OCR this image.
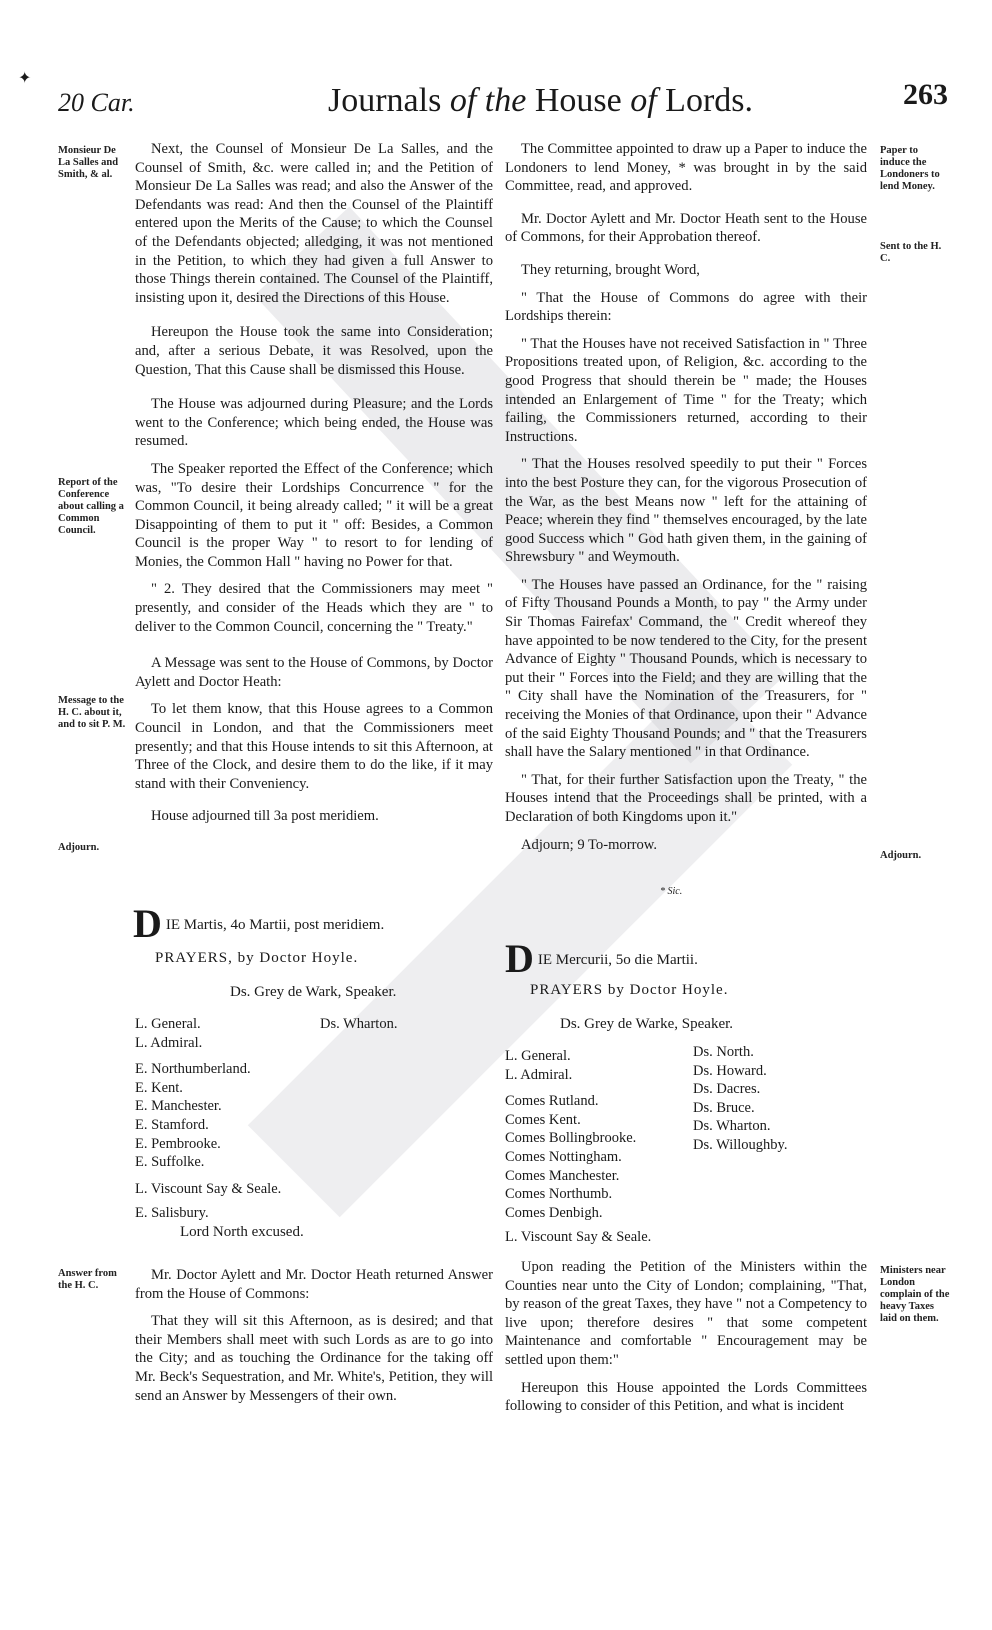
✦
20 Car.	Journals of the House of Lords.	263
Monsieur De La Salles and Smith, & al.
Report of the Conference about calling a Common Council.
Message to the H. C. about it, and to sit P. M.
Adjourn.
Answer from the H. C.
Paper to induce the Londoners to lend Money.
Sent to the H. C.
Adjourn.
Ministers near London complain of the heavy Taxes laid on them.

Next, the Counsel of Monsieur De La Salles, and the Counsel of Smith, &c. were called in; and the Petition of Monsieur De La Salles was read; and also the Answer of the Defendants was read: And then the Counsel of the Plaintiff entered upon the Merits of the Cause; to which the Counsel of the Defendants objected; alledging, it was not mentioned in the Petition, to which they had given a full Answer to those Things therein contained. The Counsel of the Plaintiff, insisting upon it, desired the Directions of this House.

Hereupon the House took the same into Consideration; and, after a serious Debate, it was Resolved, upon the Question, That this Cause shall be dismissed this House.

The House was adjourned during Pleasure; and the Lords went to the Conference; which being ended, the House was resumed.

The Speaker reported the Effect of the Conference; which was, "To desire their Lordships Concurrence " for the Common Council, it being already called; " it will be a great Disappointing of them to put it " off: Besides, a Common Council is the proper Way " to resort to for lending of Monies, the Common Hall " having no Power for that.

" 2. They desired that the Commissioners may meet " presently, and consider of the Heads which they are " to deliver to the Common Council, concerning the " Treaty."

A Message was sent to the House of Commons, by Doctor Aylett and Doctor Heath:

To let them know, that this House agrees to a Common Council in London, and that the Commissioners meet presently; and that this House intends to sit this Afternoon, at Three of the Clock, and desire them to do the like, if it may stand with their Conveniency.

House adjourned till 3a post meridiem.

DIE Martis, 4o Martii, post meridiem.
PRAYERS, by Doctor Hoyle.
Ds. Grey de Wark, Speaker.
L. General.
L. Admiral.
E. Northumberland.
E. Kent.
E. Manchester.
E. Stamford.
E. Pembrooke.
E. Suffolke.
L. Viscount Say & Seale.
E. Salisbury.
Ds. Wharton.
Lord North excused.

Mr. Doctor Aylett and Mr. Doctor Heath returned Answer from the House of Commons:

That they will sit this Afternoon, as is desired; and that their Members shall meet with such Lords as are to go into the City; and as touching the Ordinance for the taking off Mr. Beck's Sequestration, and Mr. White's, Petition, they will send an Answer by Messengers of their own.

The Committee appointed to draw up a Paper to induce the Londoners to lend Money, * was brought in by the said Committee, read, and approved.

Mr. Doctor Aylett and Mr. Doctor Heath sent to the House of Commons, for their Approbation thereof.

They returning, brought Word,

" That the House of Commons do agree with their Lordships therein:

" That the Houses have not received Satisfaction in " Three Propositions treated upon, of Religion, &c. according to the good Progress that should therein be " made; the Houses intended an Enlargement of Time " for the Treaty; which failing, the Commissioners returned, according to their Instructions.

" That the Houses resolved speedily to put their " Forces into the best Posture they can, for the vigorous Prosecution of the War, as the best Means now " left for the attaining of Peace; wherein they find " themselves encouraged, by the late good Success which " God hath given them, in the gaining of Shrewsbury " and Weymouth.

" The Houses have passed an Ordinance, for the " raising of Fifty Thousand Pounds a Month, to pay " the Army under Sir Thomas Fairefax' Command, the " Credit whereof they have appointed to be now tendered to the City, for the present Advance of Eighty " Thousand Pounds, which is necessary to put their " Forces into the Field; and they are willing that the " City shall have the Nomination of the Treasurers, for " receiving the Monies of that Ordinance, upon their " Advance of the said Eighty Thousand Pounds; and " that the Treasurers shall have the Salary mentioned " in that Ordinance.

" That, for their further Satisfaction upon the Treaty, " the Houses intend that the Proceedings shall be printed, with a Declaration of both Kingdoms upon it."

Adjourn; 9 To-morrow.

* Sic.
DIE Mercurii, 5o die Martii.
PRAYERS by Doctor Hoyle.
Ds. Grey de Warke, Speaker.
L. General.
L. Admiral.
Comes Rutland.
Comes Kent.
Comes Bollingbrooke.
Comes Nottingham.
Comes Manchester.
Comes Northumb.
Comes Denbigh.
L. Viscount Say & Seale.
Ds. North.
Ds. Howard.
Ds. Dacres.
Ds. Bruce.
Ds. Wharton.
Ds. Willoughby.

Upon reading the Petition of the Ministers within the Counties near unto the City of London; complaining, "That, by reason of the great Taxes, they have " not a Competency to live upon; therefore desires " that some competent Maintenance and comfortable " Encouragement may be settled upon them:"

Hereupon this House appointed the Lords Committees following to consider of this Petition, and what is incident
